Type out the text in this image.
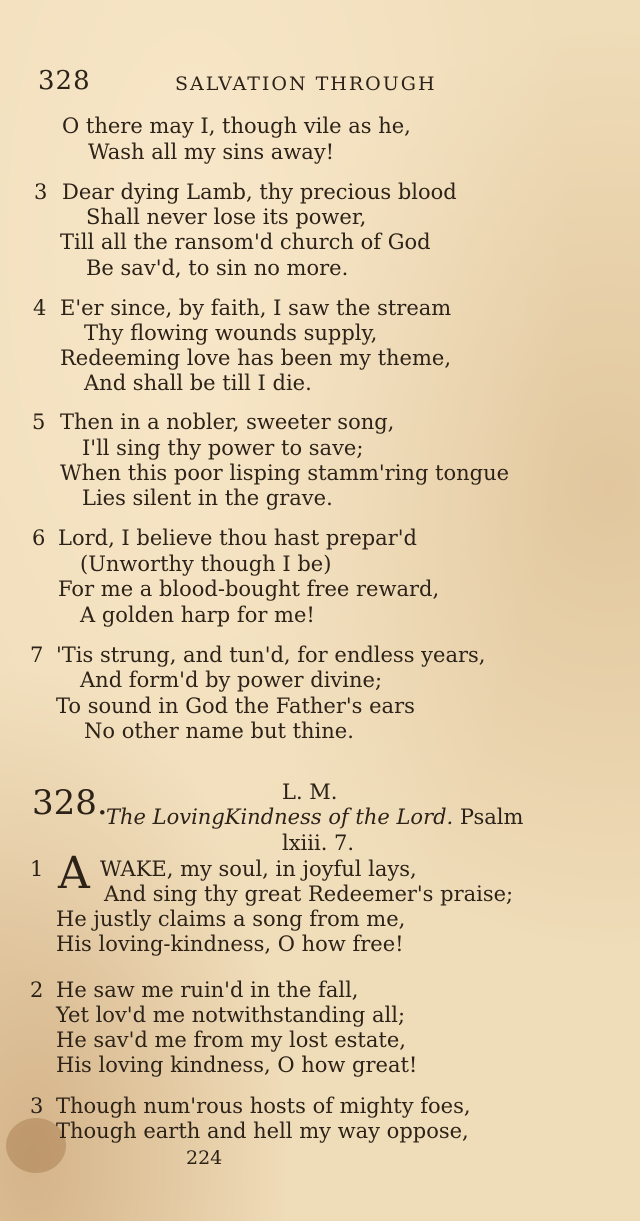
328	SALVATION THROUGH
O there may I, though vile as he,
Wash all my sins away!
3 Dear dying Lamb, thy precious blood
Shall never lose its power,
Till all the ransom'd church of God
Be sav'd, to sin no more.
4 E'er since, by faith, I saw the stream
Thy flowing wounds supply,
Redeeming love has been my theme,
And shall be till I die.
5 Then in a nobler, sweeter song,
I'll sing thy power to save;
When this poor lisping stamm'ring tongue
Lies silent in the grave.
6 Lord, I believe thou hast prepar'd
(Unworthy though I be)
For me a blood-bought free reward,
A golden harp for me!
7 'Tis strung, and tun'd, for endless years,
And form'd by power divine;
To sound in God the Father's ears
No other name but thine.
328.	L. M.
The LovingKindness of the Lord. Psalm
lxiii. 7.
1 A WAKE, my soul, in joyful lays,
And sing thy great Redeemer's praise;
He justly claims a song from me,
His loving-kindness, O how free!
2 He saw me ruin'd in the fall,
Yet lov'd me notwithstanding all;
He sav'd me from my lost estate,
His loving kindness, O how great!
3 Though num'rous hosts of mighty foes,
Though earth and hell my way oppose,
224
